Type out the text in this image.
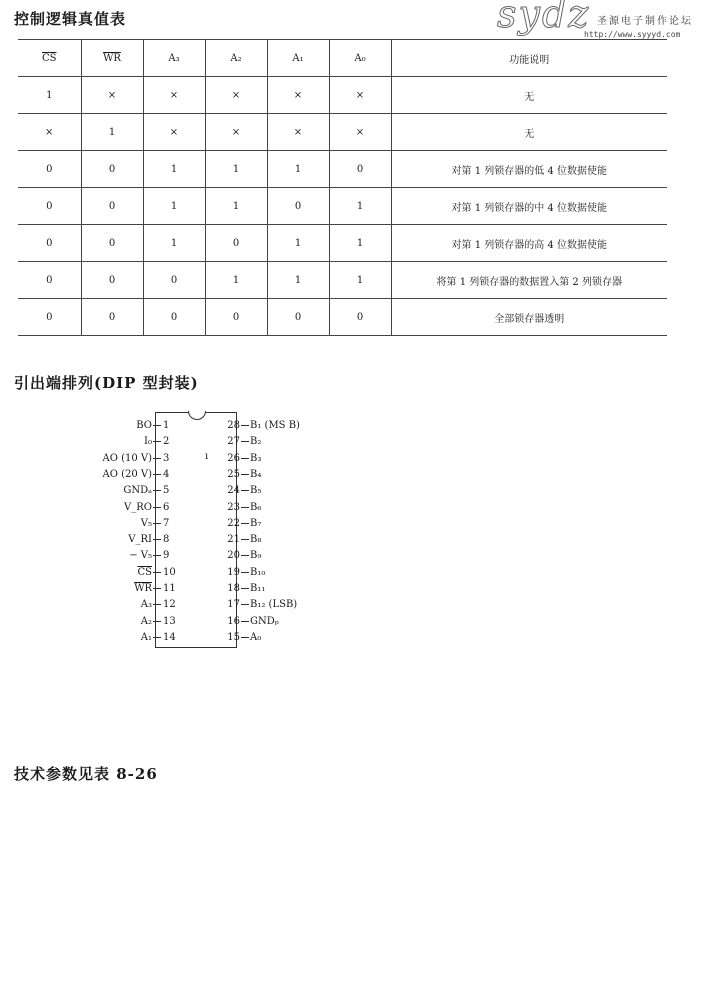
控制逻辑真值表	sydz 圣源电子制作论坛
http://www.syyyd.com
$\overline{CS}$	$\overline{WR}$	A₃	A₂	A₁	A₀	功能说明
1	×	×	×	×	×	无
×	1	×	×	×	×	无
0	0	1	1	1	0	对第 1 列锁存器的低 4 位数据使能
0	0	1	1	0	1	对第 1 列锁存器的中 4 位数据使能
0	0	1	0	1	1	对第 1 列锁存器的高 4 位数据使能
0	0	0	1	1	1	将第 1 列锁存器的数据置入第 2 列锁存器
0	0	0	0	0	0	全部锁存器透明
引出端排列(DIP 型封装)
BO 1
I₀ 2
AO (10 V) 3
AO (20 V) 4
GNDₐ 5
V_RO 6
V₅ 7
V_RI 8
− V₅ 9
$\overline{CS}$ 10
$\overline{WR}$ 11
A₃ 12
A₂ 13
A₁ 14
28 B₁ (MS B)
27 B₂
26 B₃
25 B₄
24 B₅
23 B₆
22 B₇
21 B₈
20 B₉
19 B₁₀
18 B₁₁
17 B₁₂ (LSB)
16 GNDₚ
15 A₀
ı
技术参数见表 8-26
